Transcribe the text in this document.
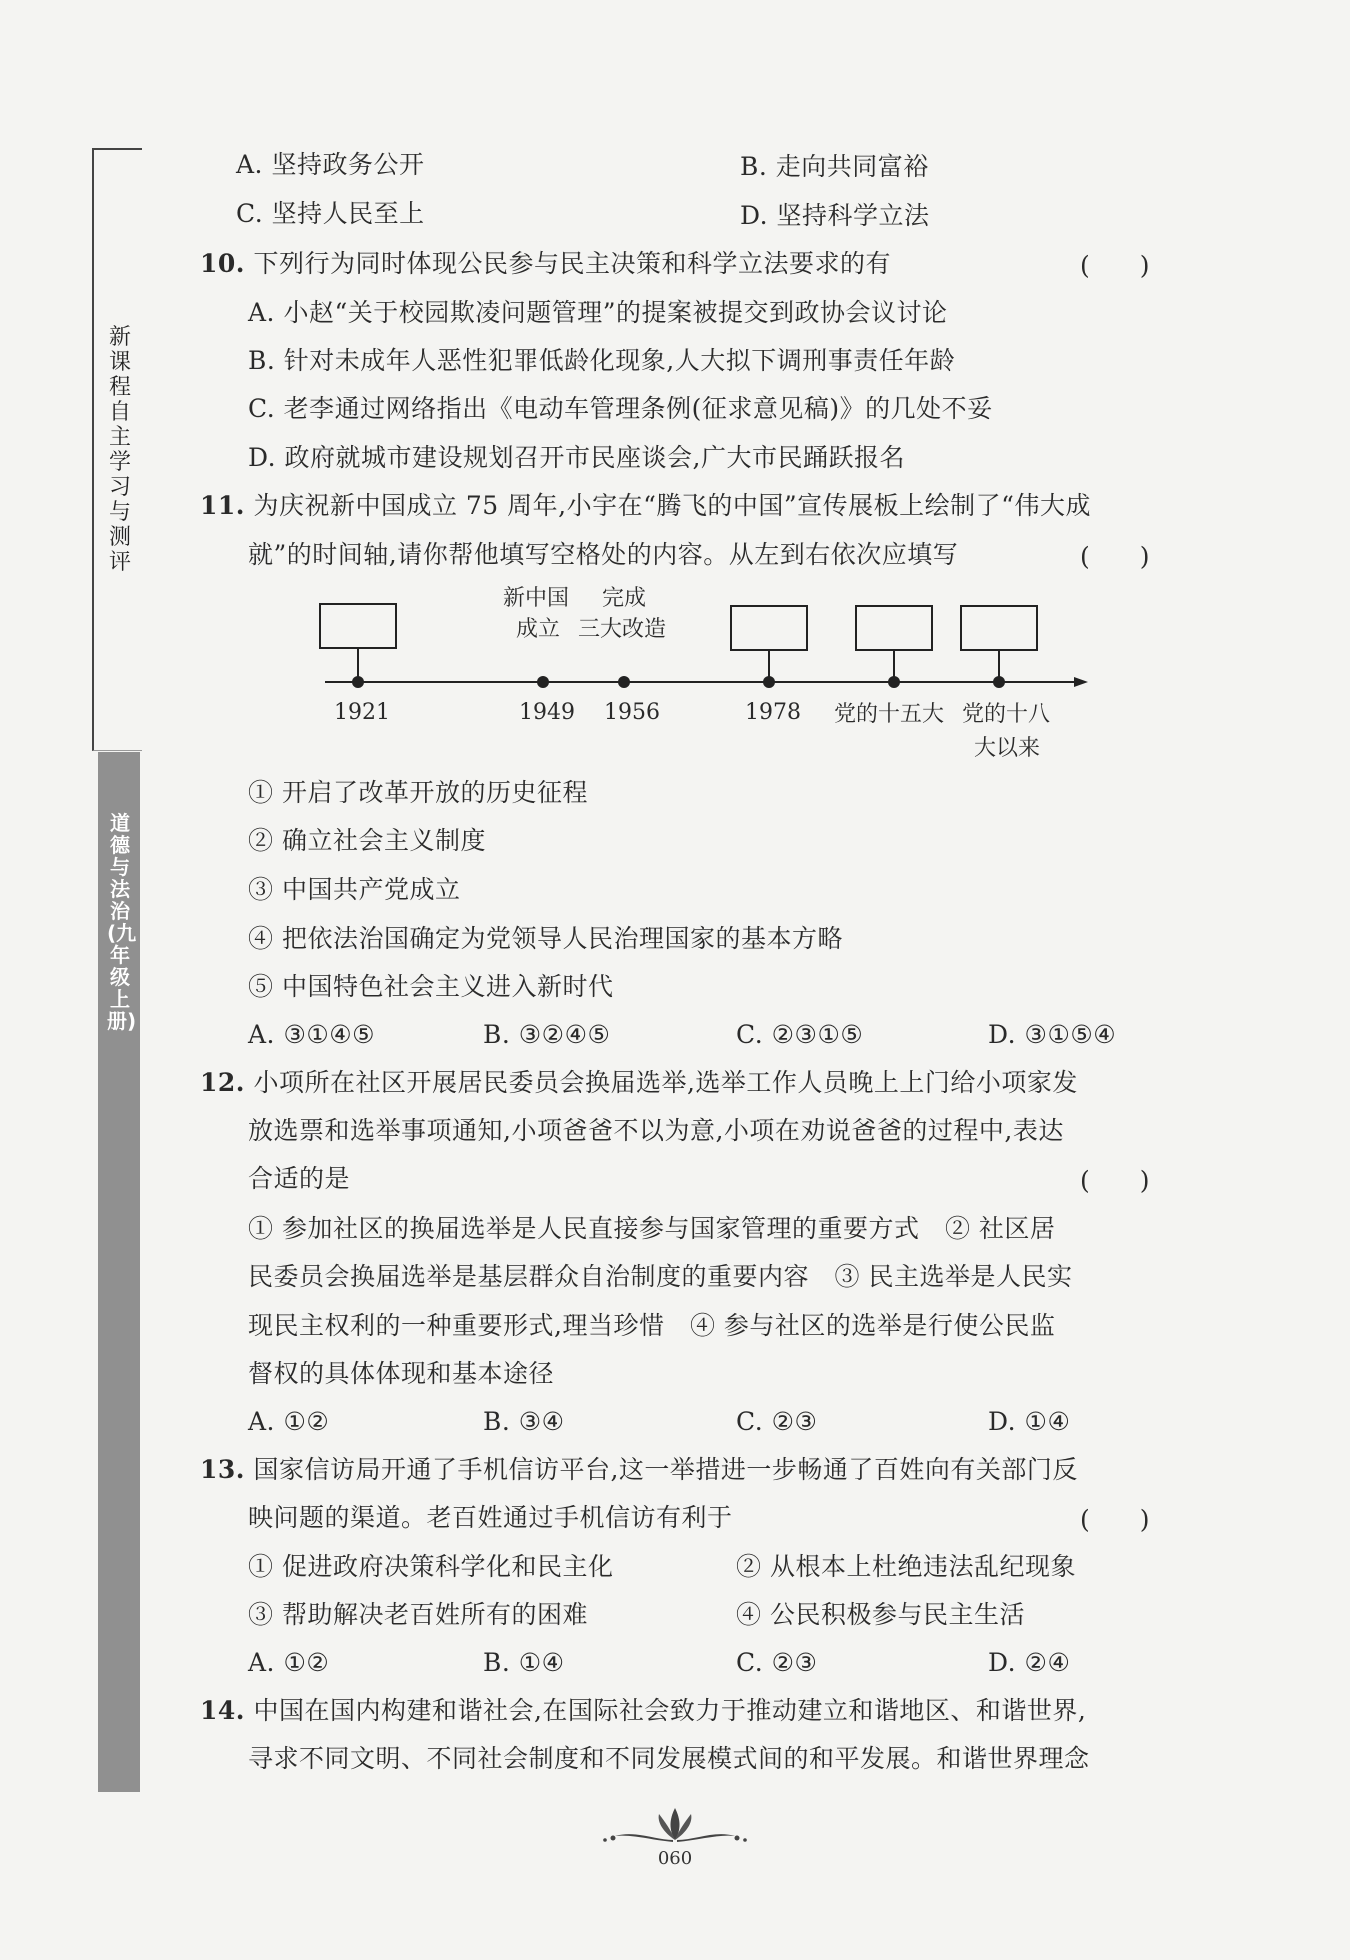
新课程自主学习与测评
道德与法治(九年级上册)
A. 坚持政务公开	B. 走向共同富裕
C. 坚持人民至上	D. 坚持科学立法
10. 下列行为同时体现公民参与民主决策和科学立法要求的有	(　　)
A. 小赵“关于校园欺凌问题管理”的提案被提交到政协会议讨论
B. 针对未成年人恶性犯罪低龄化现象,人大拟下调刑事责任年龄
C. 老李通过网络指出《电动车管理条例(征求意见稿)》的几处不妥
D. 政府就城市建设规划召开市民座谈会,广大市民踊跃报名
11. 为庆祝新中国成立 75 周年,小宇在“腾飞的中国”宣传展板上绘制了“伟大成
就”的时间轴,请你帮他填写空格处的内容。从左到右依次应填写	(　　)
新中国
成立
完成
三大改造
1921	1949 1956	1978 党的十五大 党的十八
大以来
① 开启了改革开放的历史征程
② 确立社会主义制度
③ 中国共产党成立
④ 把依法治国确定为党领导人民治理国家的基本方略
⑤ 中国特色社会主义进入新时代
A. ③①④⑤	B. ③②④⑤	C. ②③①⑤	D. ③①⑤④
12. 小项所在社区开展居民委员会换届选举,选举工作人员晚上上门给小项家发
放选票和选举事项通知,小项爸爸不以为意,小项在劝说爸爸的过程中,表达
合适的是	(　　)
① 参加社区的换届选举是人民直接参与国家管理的重要方式　② 社区居
民委员会换届选举是基层群众自治制度的重要内容　③ 民主选举是人民实
现民主权利的一种重要形式,理当珍惜　④ 参与社区的选举是行使公民监
督权的具体体现和基本途径
A. ①②	B. ③④	C. ②③	D. ①④
13. 国家信访局开通了手机信访平台,这一举措进一步畅通了百姓向有关部门反
映问题的渠道。老百姓通过手机信访有利于	(　　)
① 促进政府决策科学化和民主化	② 从根本上杜绝违法乱纪现象
③ 帮助解决老百姓所有的困难	④ 公民积极参与民主生活
A. ①②	B. ①④	C. ②③	D. ②④
14. 中国在国内构建和谐社会,在国际社会致力于推动建立和谐地区、和谐世界,
寻求不同文明、不同社会制度和不同发展模式间的和平发展。和谐世界理念
060
